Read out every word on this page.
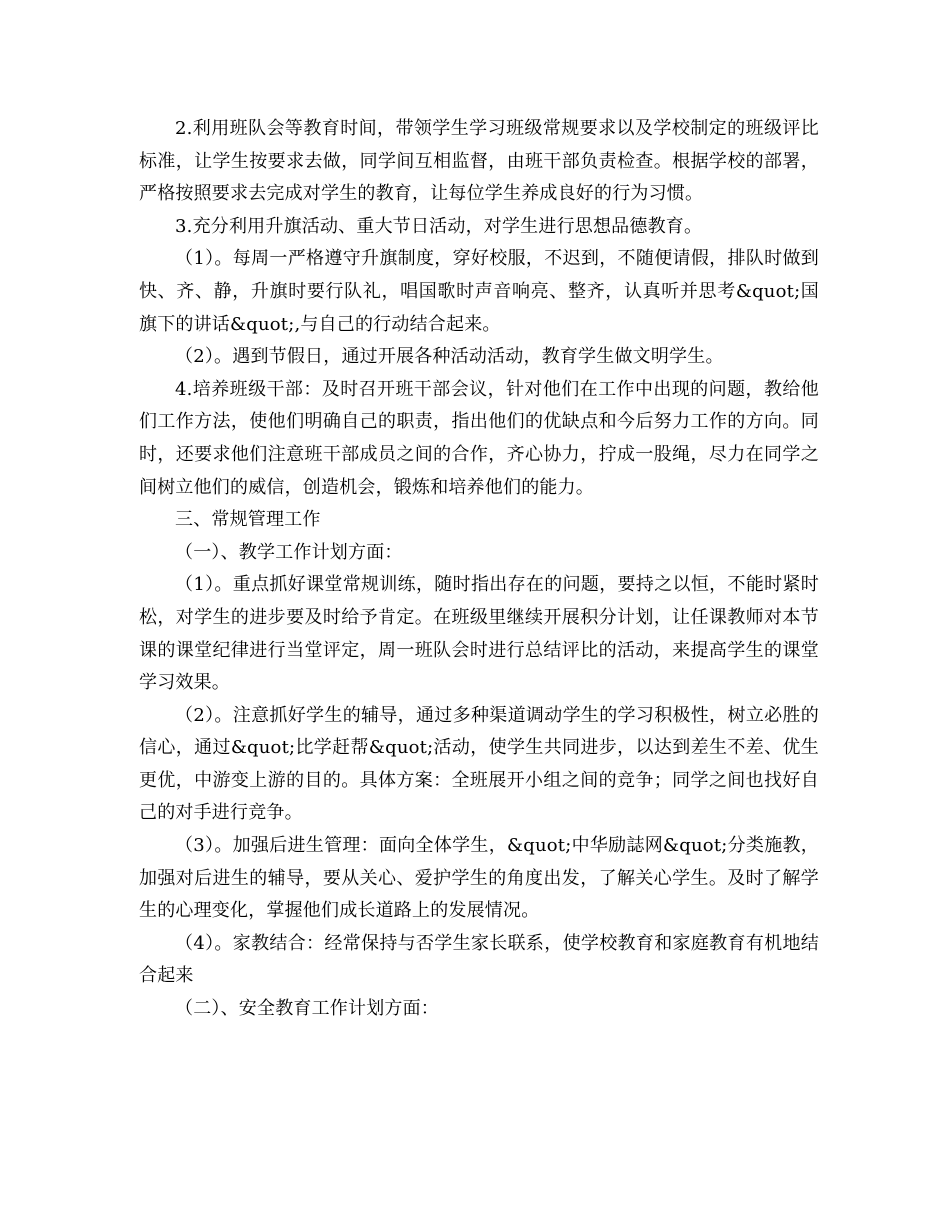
2.利用班队会等教育时间，带领学生学习班级常规要求以及学校制定的班级评比标准，让学生按要求去做，同学间互相监督，由班干部负责检查。根据学校的部署，严格按照要求去完成对学生的教育，让每位学生养成良好的行为习惯。

3.充分利用升旗活动、重大节日活动，对学生进行思想品德教育。

（1）。每周一严格遵守升旗制度，穿好校服，不迟到，不随便请假，排队时做到快、齐、静，升旗时要行队礼，唱国歌时声音响亮、整齐，认真听并思考&quot;国旗下的讲话&quot;,与自己的行动结合起来。

（2）。遇到节假日，通过开展各种活动活动，教育学生做文明学生。

4.培养班级干部：及时召开班干部会议，针对他们在工作中出现的问题，教给他们工作方法，使他们明确自己的职责，指出他们的优缺点和今后努力工作的方向。同时，还要求他们注意班干部成员之间的合作，齐心协力，拧成一股绳，尽力在同学之间树立他们的威信，创造机会，锻炼和培养他们的能力。

三、常规管理工作

（一）、教学工作计划方面：

（1）。重点抓好课堂常规训练，随时指出存在的问题，要持之以恒，不能时紧时松，对学生的进步要及时给予肯定。在班级里继续开展积分计划，让任课教师对本节课的课堂纪律进行当堂评定，周一班队会时进行总结评比的活动，来提高学生的课堂学习效果。

（2）。注意抓好学生的辅导，通过多种渠道调动学生的学习积极性，树立必胜的信心，通过&quot;比学赶帮&quot;活动，使学生共同进步，以达到差生不差、优生更优，中游变上游的目的。具体方案：全班展开小组之间的竞争；同学之间也找好自己的对手进行竞争。

（3）。加强后进生管理：面向全体学生，&quot;中华励誌网&quot;分类施教，加强对后进生的辅导，要从关心、爱护学生的角度出发，了解关心学生。及时了解学生的心理变化，掌握他们成长道路上的发展情况。

（4）。家教结合：经常保持与否学生家长联系，使学校教育和家庭教育有机地结合起来

（二）、安全教育工作计划方面：
